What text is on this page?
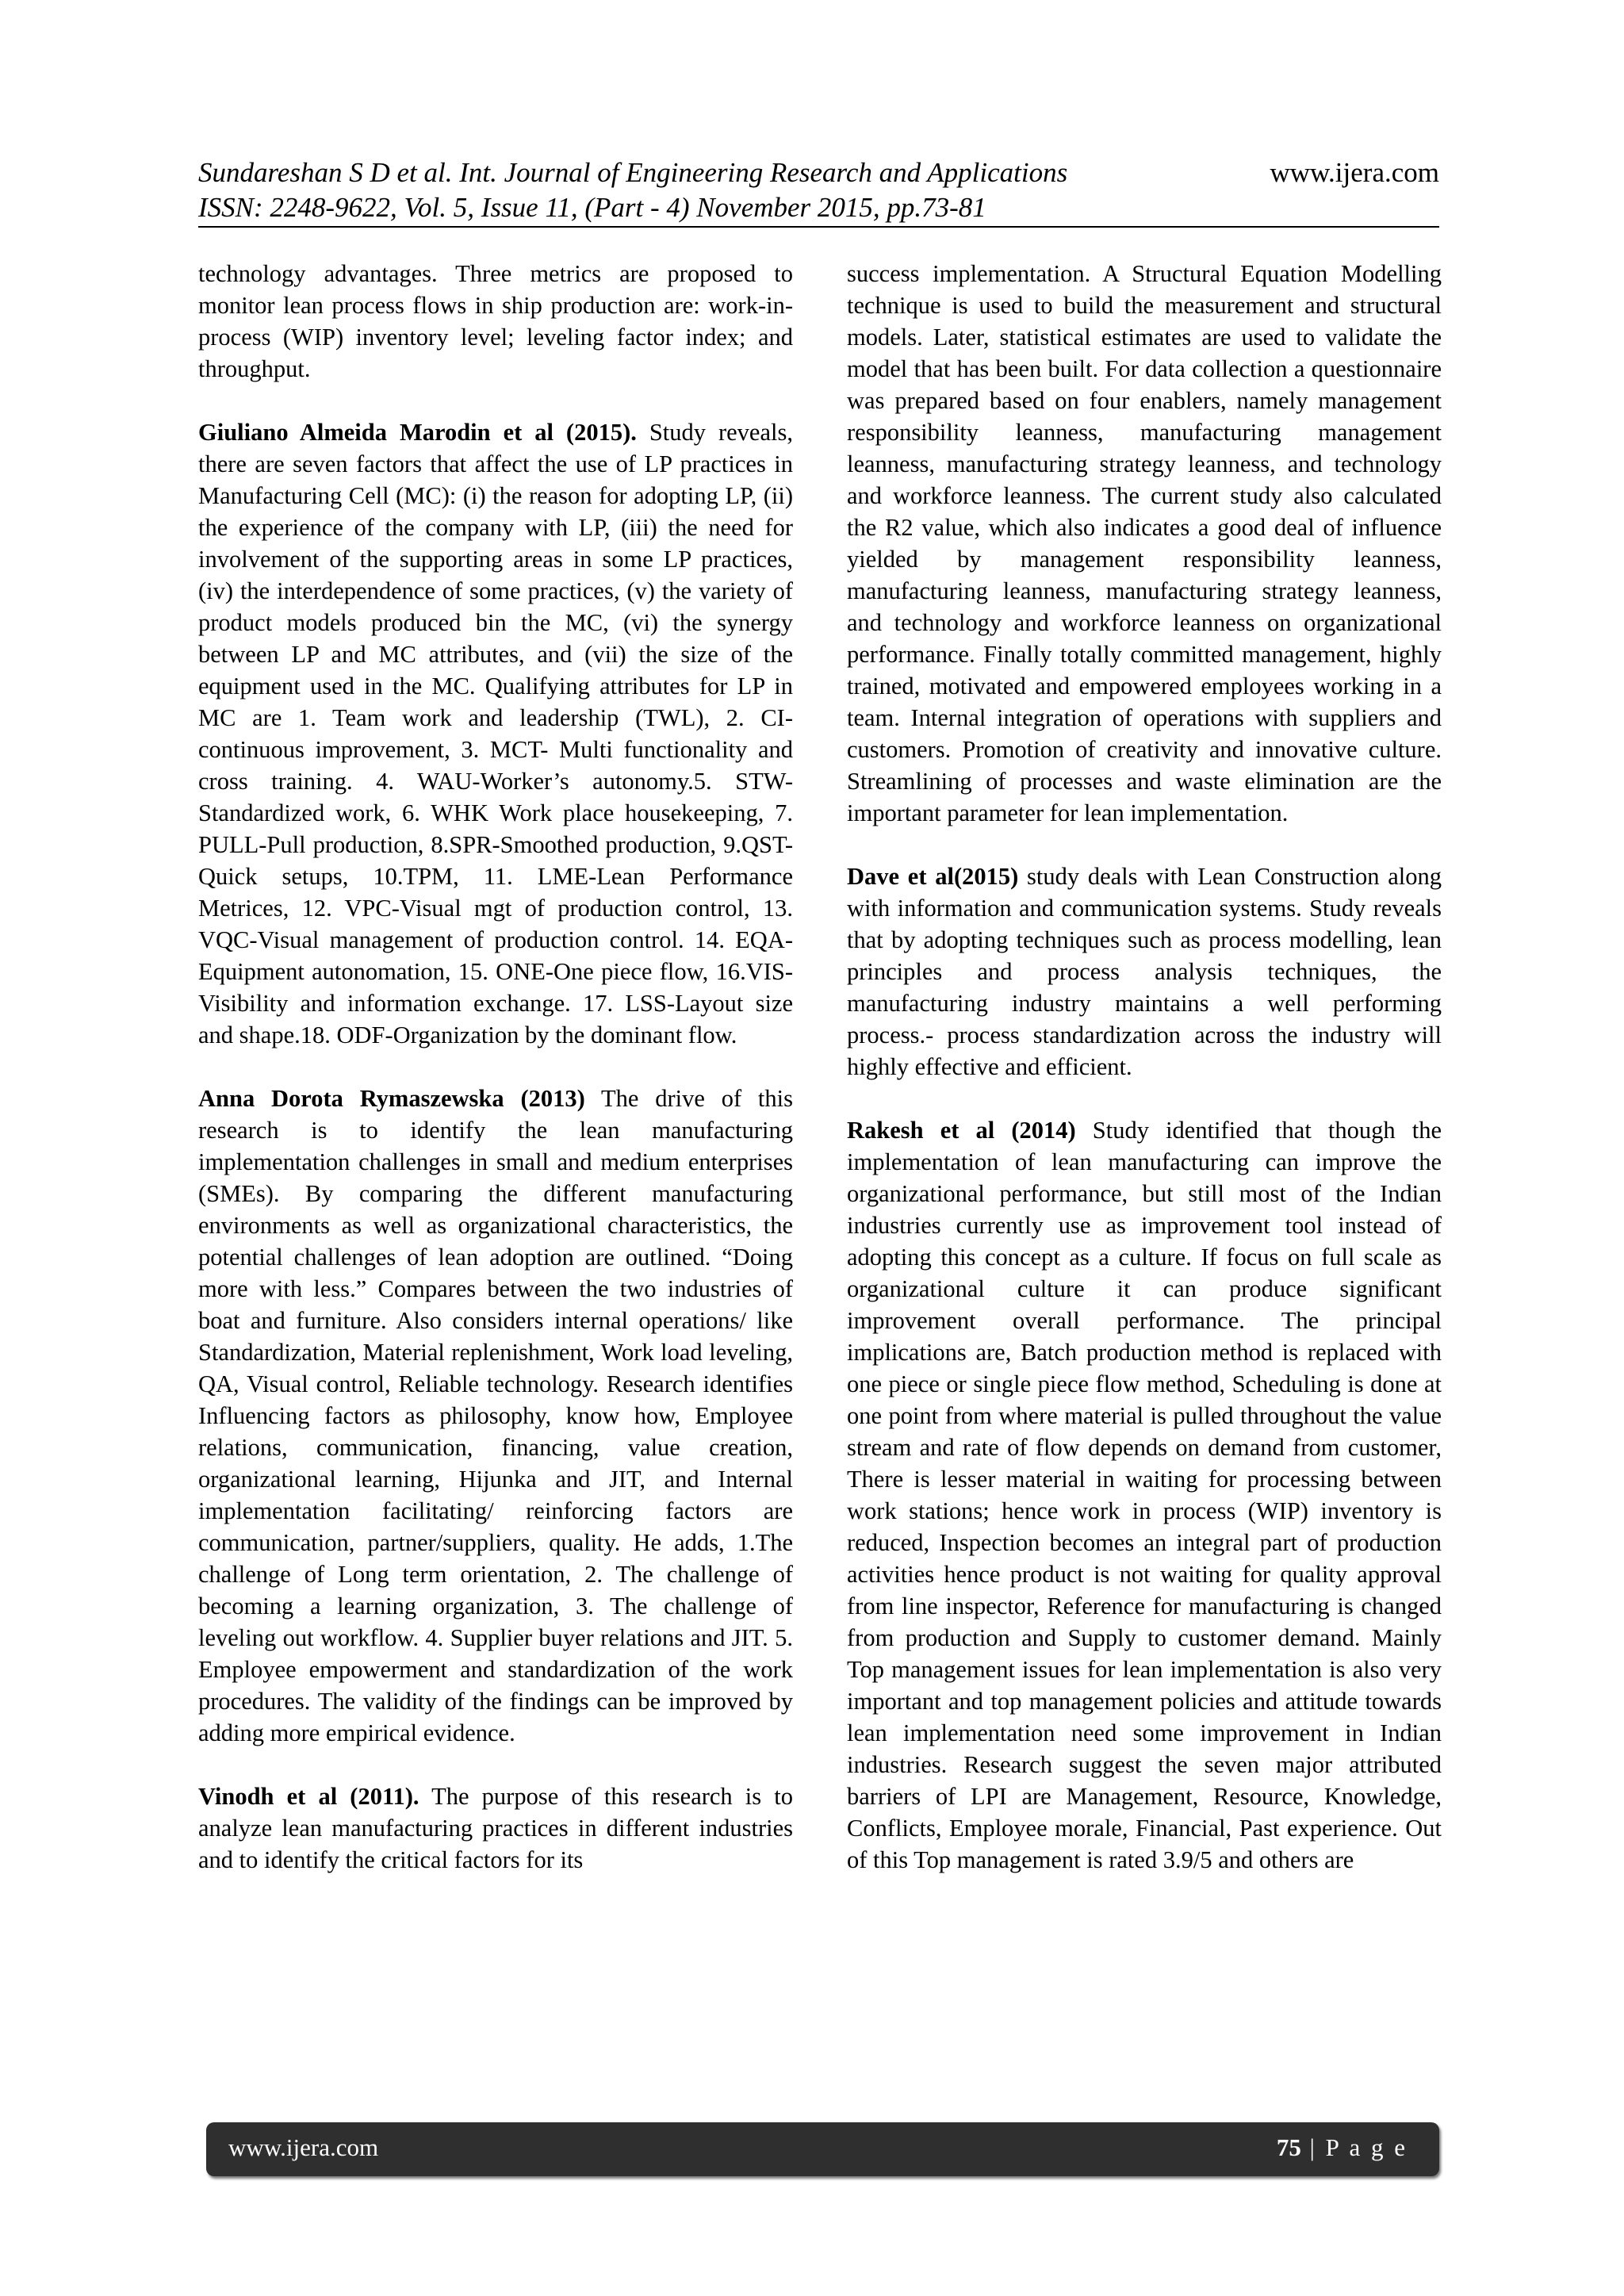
Sundareshan S D et al. Int. Journal of Engineering Research and Applications	www.ijera.com
ISSN: 2248-9622, Vol. 5, Issue 11, (Part - 4) November 2015, pp.73-81

technology advantages. Three metrics are proposed to monitor lean process flows in ship production are: work-in-process (WIP) inventory level; leveling factor index; and throughput.

Giuliano Almeida Marodin et al (2015). Study reveals, there are seven factors that affect the use of LP practices in Manufacturing Cell (MC): (i) the reason for adopting LP, (ii) the experience of the company with LP, (iii) the need for involvement of the supporting areas in some LP practices, (iv) the interdependence of some practices, (v) the variety of product models produced bin the MC, (vi) the synergy between LP and MC attributes, and (vii) the size of the equipment used in the MC. Qualifying attributes for LP in MC are 1. Team work and leadership (TWL), 2. CI-continuous improvement, 3. MCT- Multi functionality and cross training. 4. WAU-Worker’s autonomy.5. STW-Standardized work, 6. WHK Work place housekeeping, 7. PULL-Pull production, 8.SPR-Smoothed production, 9.QST-Quick setups, 10.TPM, 11. LME-Lean Performance Metrices, 12. VPC-Visual mgt of production control, 13. VQC-Visual management of production control. 14. EQA- Equipment autonomation, 15. ONE-One piece flow, 16.VIS-Visibility and information exchange. 17. LSS-Layout size and shape.18. ODF-Organization by the dominant flow.

Anna Dorota Rymaszewska (2013) The drive of this research is to identify the lean manufacturing implementation challenges in small and medium enterprises (SMEs). By comparing the different manufacturing environments as well as organizational characteristics, the potential challenges of lean adoption are outlined. “Doing more with less.” Compares between the two industries of boat and furniture. Also considers internal operations/ like Standardization, Material replenishment, Work load leveling, QA, Visual control, Reliable technology. Research identifies Influencing factors as philosophy, know how, Employee relations, communication, financing, value creation, organizational learning, Hijunka and JIT, and Internal implementation facilitating/ reinforcing factors are communication, partner/suppliers, quality. He adds, 1.The challenge of Long term orientation, 2. The challenge of becoming a learning organization, 3. The challenge of leveling out workflow. 4. Supplier buyer relations and JIT. 5. Employee empowerment and standardization of the work procedures. The validity of the findings can be improved by adding more empirical evidence.

Vinodh et al (2011). The purpose of this research is to analyze lean manufacturing practices in different industries and to identify the critical factors for its

success implementation. A Structural Equation Modelling technique is used to build the measurement and structural models. Later, statistical estimates are used to validate the model that has been built. For data collection a questionnaire was prepared based on four enablers, namely management responsibility leanness, manufacturing management leanness, manufacturing strategy leanness, and technology and workforce leanness. The current study also calculated the R2 value, which also indicates a good deal of influence yielded by management responsibility leanness, manufacturing leanness, manufacturing strategy leanness, and technology and workforce leanness on organizational performance. Finally totally committed management, highly trained, motivated and empowered employees working in a team. Internal integration of operations with suppliers and customers. Promotion of creativity and innovative culture. Streamlining of processes and waste elimination are the important parameter for lean implementation.

Dave et al(2015) study deals with Lean Construction along with information and communication systems. Study reveals that by adopting techniques such as process modelling, lean principles and process analysis techniques, the manufacturing industry maintains a well performing process.- process standardization across the industry will highly effective and efficient.

Rakesh et al (2014) Study identified that though the implementation of lean manufacturing can improve the organizational performance, but still most of the Indian industries currently use as improvement tool instead of adopting this concept as a culture. If focus on full scale as organizational culture it can produce significant improvement overall performance. The principal implications are, Batch production method is replaced with one piece or single piece flow method, Scheduling is done at one point from where material is pulled throughout the value stream and rate of flow depends on demand from customer, There is lesser material in waiting for processing between work stations; hence work in process (WIP) inventory is reduced, Inspection becomes an integral part of production activities hence product is not waiting for quality approval from line inspector, Reference for manufacturing is changed from production and Supply to customer demand. Mainly Top management issues for lean implementation is also very important and top management policies and attitude towards lean implementation need some improvement in Indian industries. Research suggest the seven major attributed barriers of LPI are Management, Resource, Knowledge, Conflicts, Employee morale, Financial, Past experience. Out of this Top management is rated 3.9/5 and others are

www.ijera.com	75 | P a g e
